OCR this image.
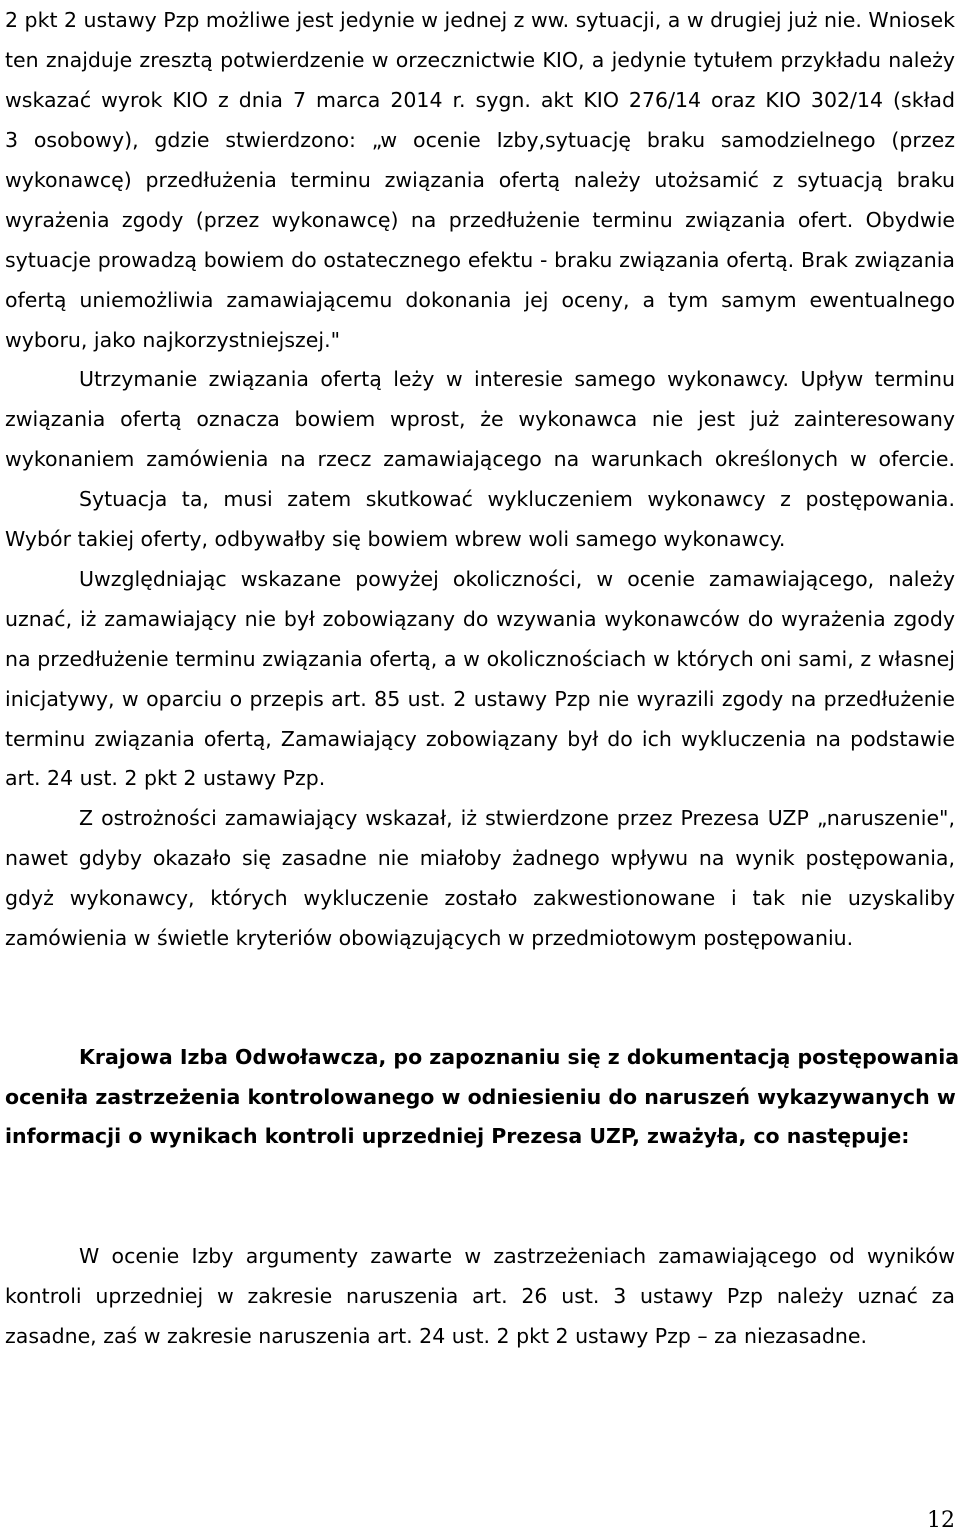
2 pkt 2 ustawy Pzp możliwe jest jedynie w jednej z ww. sytuacji, a w drugiej już nie. Wniosek
ten znajduje zresztą potwierdzenie w orzecznictwie KIO, a jedynie tytułem przykładu należy
wskazać wyrok KIO z dnia 7 marca 2014 r. sygn. akt KIO 276/14 oraz KIO 302/14 (skład
3 osobowy), gdzie stwierdzono: „w ocenie Izby,sytuację braku samodzielnego (przez
wykonawcę) przedłużenia terminu związania ofertą należy utożsamić z sytuacją braku
wyrażenia zgody (przez wykonawcę) na przedłużenie terminu związania ofert. Obydwie
sytuacje prowadzą bowiem do ostatecznego efektu - braku związania ofertą. Brak związania
ofertą uniemożliwia zamawiającemu dokonania jej oceny, a tym samym ewentualnego
wyboru, jako najkorzystniejszej."
Utrzymanie związania ofertą leży w interesie samego wykonawcy. Upływ terminu
związania ofertą oznacza bowiem wprost, że wykonawca nie jest już zainteresowany
wykonaniem zamówienia na rzecz zamawiającego na warunkach określonych w ofercie.
Sytuacja ta, musi zatem skutkować wykluczeniem wykonawcy z postępowania.
Wybór takiej oferty, odbywałby się bowiem wbrew woli samego wykonawcy.
Uwzględniając wskazane powyżej okoliczności, w ocenie zamawiającego, należy
uznać, iż zamawiający nie był zobowiązany do wzywania wykonawców do wyrażenia zgody
na przedłużenie terminu związania ofertą, a w okolicznościach w których oni sami, z własnej
inicjatywy, w oparciu o przepis art. 85 ust. 2 ustawy Pzp nie wyrazili zgody na przedłużenie
terminu związania ofertą, Zamawiający zobowiązany był do ich wykluczenia na podstawie
art. 24 ust. 2 pkt 2 ustawy Pzp.
Z ostrożności zamawiający wskazał, iż stwierdzone przez Prezesa UZP „naruszenie",
nawet gdyby okazało się zasadne nie miałoby żadnego wpływu na wynik postępowania,
gdyż wykonawcy, których wykluczenie zostało zakwestionowane i tak nie uzyskaliby
zamówienia w świetle kryteriów obowiązujących w przedmiotowym postępowaniu.
Krajowa Izba Odwoławcza, po zapoznaniu się z dokumentacją postępowania
oceniła zastrzeżenia kontrolowanego w odniesieniu do naruszeń wykazywanych w
informacji o wynikach kontroli uprzedniej Prezesa UZP, zważyła, co następuje:
W ocenie Izby argumenty zawarte w zastrzeżeniach zamawiającego od wyników
kontroli uprzedniej w zakresie naruszenia art. 26 ust. 3 ustawy Pzp należy uznać za
zasadne, zaś w zakresie naruszenia art. 24 ust. 2 pkt 2 ustawy Pzp – za niezasadne.
12
